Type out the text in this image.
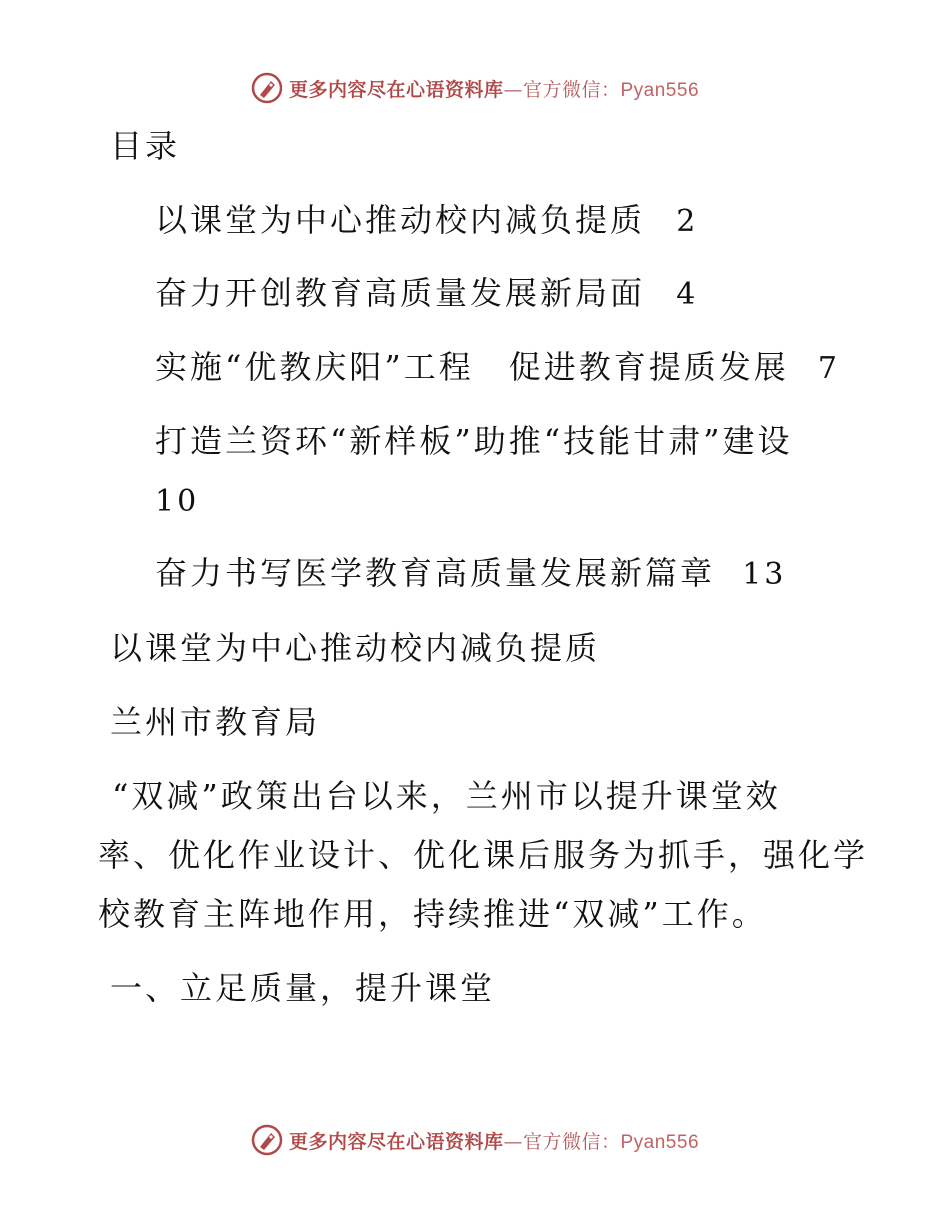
更多内容尽在心语资料库—官方微信：Pyan556
目录
以课堂为中心推动校内减负提质 2
奋力开创教育高质量发展新局面 4
实施“优教庆阳”工程　促进教育提质发展 7
打造兰资环“新样板”助推“技能甘肃”建设
10
奋力书写医学教育高质量发展新篇章 13
以课堂为中心推动校内减负提质
兰州市教育局
“双减”政策出台以来，兰州市以提升课堂效
率、优化作业设计、优化课后服务为抓手，强化学
校教育主阵地作用，持续推进“双减”工作。
一、立足质量，提升课堂
更多内容尽在心语资料库—官方微信：Pyan556
